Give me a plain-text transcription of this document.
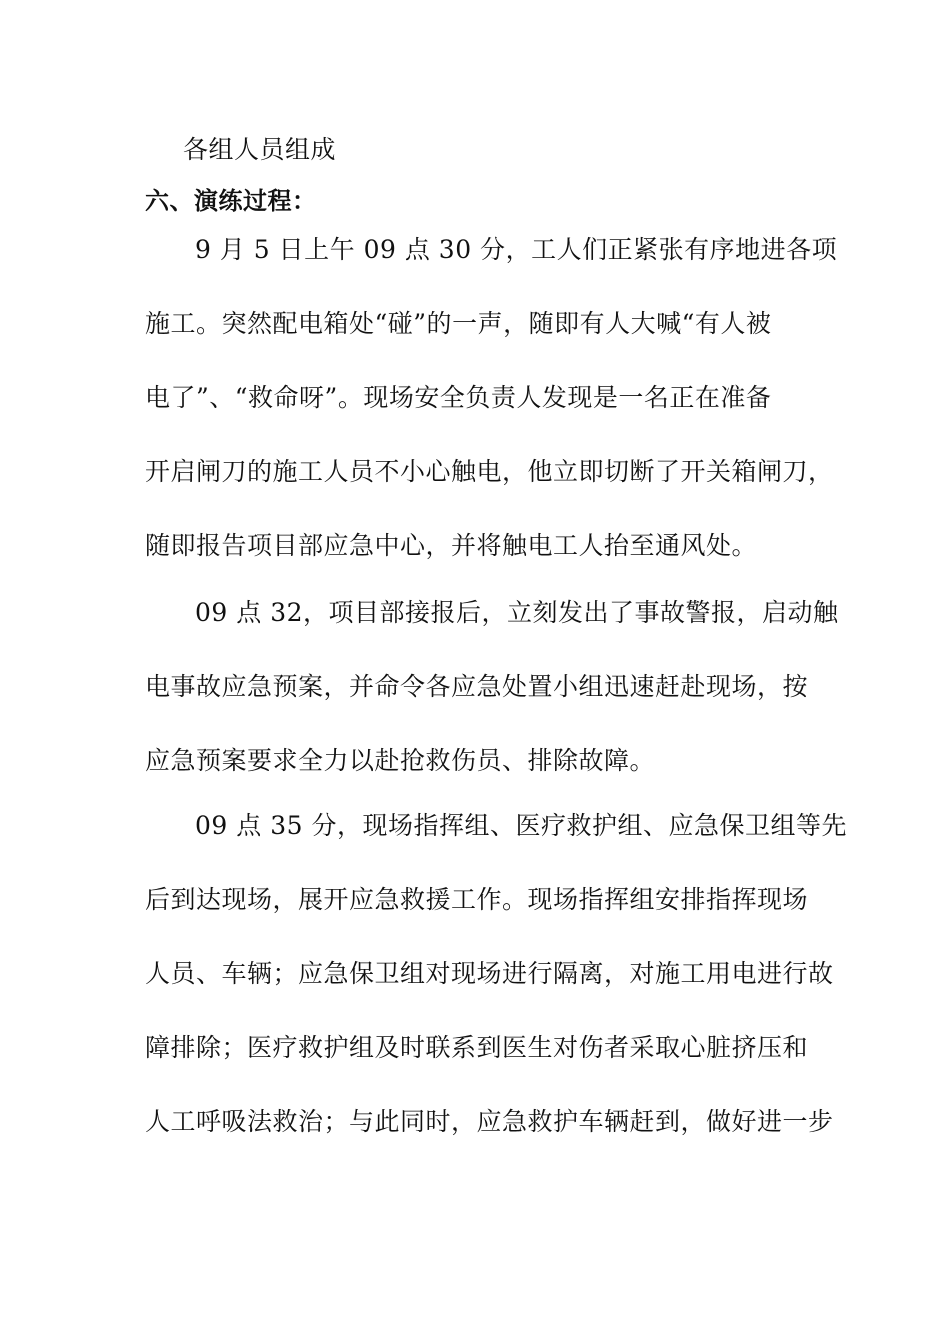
各组人员组成
六、演练过程：
9 月 5 日上午 09 点 30 分，工人们正紧张有序地进各项
施工。突然配电箱处“碰”的一声，随即有人大喊“有人被
电了”、“救命呀”。现场安全负责人发现是一名正在准备
开启闸刀的施工人员不小心触电，他立即切断了开关箱闸刀，
随即报告项目部应急中心，并将触电工人抬至通风处。
09 点 32，项目部接报后，立刻发出了事故警报，启动触
电事故应急预案，并命令各应急处置小组迅速赶赴现场，按
应急预案要求全力以赴抢救伤员、排除故障。
09 点 35 分，现场指挥组、医疗救护组、应急保卫组等先
后到达现场，展开应急救援工作。现场指挥组安排指挥现场
人员、车辆；应急保卫组对现场进行隔离，对施工用电进行故
障排除；医疗救护组及时联系到医生对伤者采取心脏挤压和
人工呼吸法救治；与此同时，应急救护车辆赶到，做好进一步
